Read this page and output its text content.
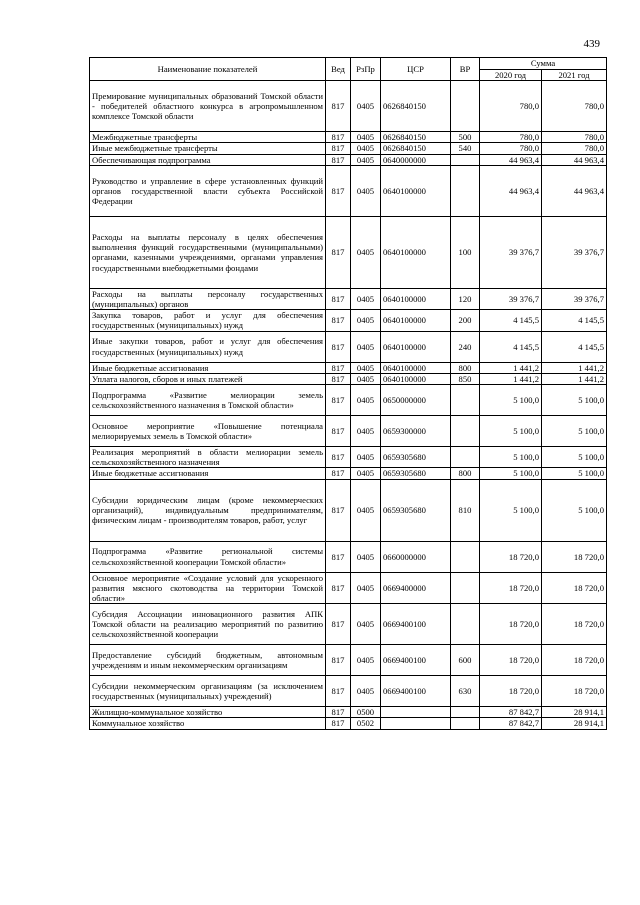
439
Наименование показателей	Вед	РзПр	ЦСР	ВР	Сумма	
					2020 год	2021 год
Премирование муниципальных образований Томской области - победителей областного конкурса в агропромышленном комплексе Томской области	817	0405	0626840150		780,0	780,0
Межбюджетные трансферты	817	0405	0626840150	500	780,0	780,0
Иные межбюджетные трансферты	817	0405	0626840150	540	780,0	780,0
Обеспечивающая подпрограмма	817	0405	0640000000		44 963,4	44 963,4
Руководство и управление в сфере установленных функций органов государственной власти субъекта Российской Федерации	817	0405	0640100000		44 963,4	44 963,4
Расходы на выплаты персоналу в целях обеспечения выполнения функций государственными (муниципальными) органами, казенными учреждениями, органами управления государственными внебюджетными фондами	817	0405	0640100000	100	39 376,7	39 376,7
Расходы на выплаты персоналу государственных (муниципальных) органов	817	0405	0640100000	120	39 376,7	39 376,7
Закупка товаров, работ и услуг для обеспечения государственных (муниципальных) нужд	817	0405	0640100000	200	4 145,5	4 145,5
Иные закупки товаров, работ и услуг для обеспечения государственных (муниципальных) нужд	817	0405	0640100000	240	4 145,5	4 145,5
Иные бюджетные ассигнования	817	0405	0640100000	800	1 441,2	1 441,2
Уплата налогов, сборов и иных платежей	817	0405	0640100000	850	1 441,2	1 441,2
Подпрограмма «Развитие мелиорации земель сельскохозяйственного назначения в Томской области»	817	0405	0650000000		5 100,0	5 100,0
Основное мероприятие «Повышение потенциала мелиорируемых земель в Томской области»	817	0405	0659300000		5 100,0	5 100,0
Реализация мероприятий в области мелиорации земель сельскохозяйственного назначения	817	0405	0659305680		5 100,0	5 100,0
Иные бюджетные ассигнования	817	0405	0659305680	800	5 100,0	5 100,0
Субсидии юридическим лицам (кроме некоммерческих организаций), индивидуальным предпринимателям, физическим лицам - производителям товаров, работ, услуг	817	0405	0659305680	810	5 100,0	5 100,0
Подпрограмма «Развитие региональной системы сельскохозяйственной кооперации Томской области»	817	0405	0660000000		18 720,0	18 720,0
Основное мероприятие «Создание условий для ускоренного развития мясного скотоводства на территории Томской области»	817	0405	0669400000		18 720,0	18 720,0
Субсидия Ассоциации инновационного развития АПК Томской области на реализацию мероприятий по развитию сельскохозяйственной кооперации	817	0405	0669400100		18 720,0	18 720,0
Предоставление субсидий бюджетным, автономным учреждениям и иным некоммерческим организациям	817	0405	0669400100	600	18 720,0	18 720,0
Субсидии некоммерческим организациям (за исключением государственных (муниципальных) учреждений)	817	0405	0669400100	630	18 720,0	18 720,0
Жилищно-коммунальное хозяйство	817	0500			87 842,7	28 914,1
Коммунальное хозяйство	817	0502			87 842,7	28 914,1
